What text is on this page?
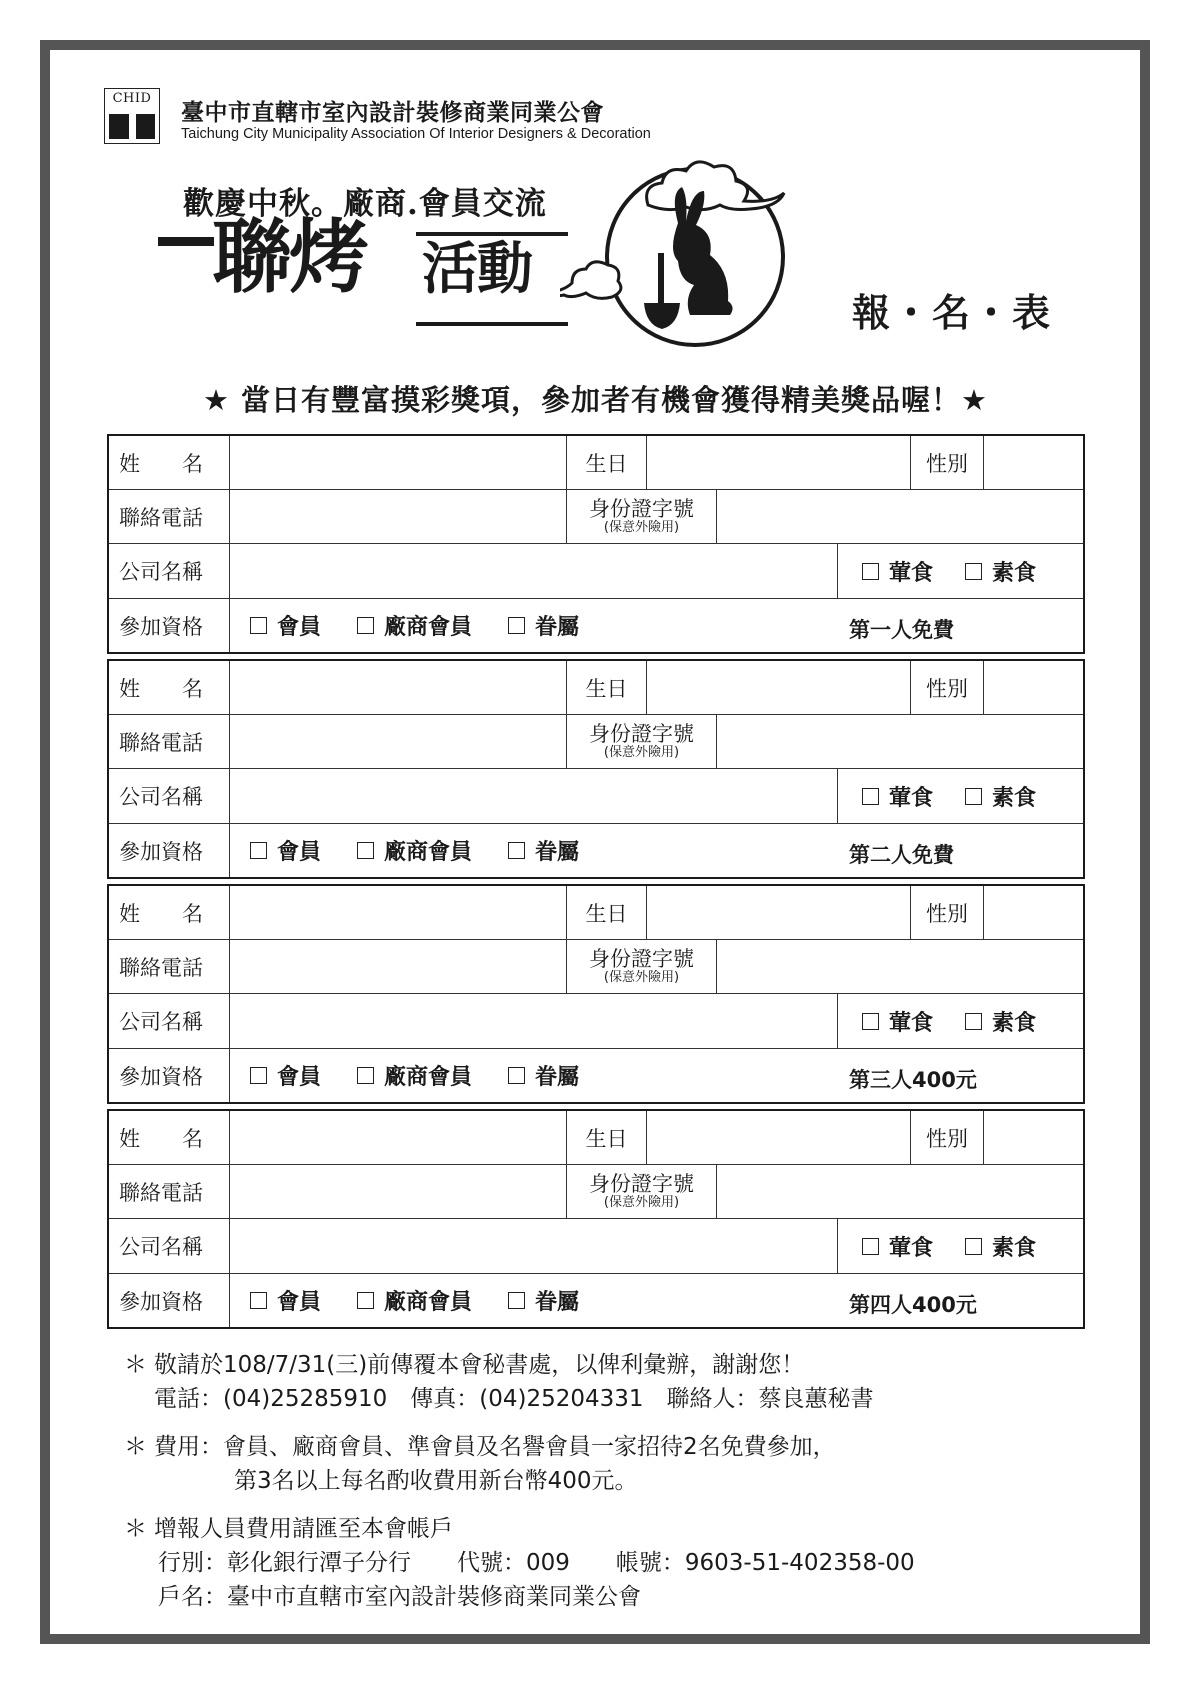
CHID
臺中市直轄市室內設計裝修商業同業公會
Taichung City Municipality Association Of Interior Designers & Decoration
歡慶中秋。廠商.會員交流
聯烤 活動
報・名・表
★ 當日有豐富摸彩獎項，參加者有機會獲得精美獎品喔！★
姓　　名	生日	性別
聯絡電話	身份證字號
(保意外險用)
公司名稱	葷食	素食
參加資格	會員	廠商會員	眷屬	第一人免費
姓　　名	生日	性別
聯絡電話	身份證字號
(保意外險用)
公司名稱	葷食	素食
參加資格	會員	廠商會員	眷屬	第二人免費
姓　　名	生日	性別
聯絡電話	身份證字號
(保意外險用)
公司名稱	葷食	素食
參加資格	會員	廠商會員	眷屬	第三人400元
姓　　名	生日	性別
聯絡電話	身份證字號
(保意外險用)
公司名稱	葷食	素食
參加資格	會員	廠商會員	眷屬	第四人400元
＊ 敬請於108/7/31(三)前傳覆本會秘書處，以俾利彙辦，謝謝您！
電話：(04)25285910　傳真：(04)25204331　聯絡人：蔡良蕙秘書
＊ 費用：會員、廠商會員、準會員及名譽會員一家招待2名免費參加，
第3名以上每名酌收費用新台幣400元。
＊ 增報人員費用請匯至本會帳戶
行別：彰化銀行潭子分行　　代號：009　　帳號：9603-51-402358-00
戶名：臺中市直轄市室內設計裝修商業同業公會
